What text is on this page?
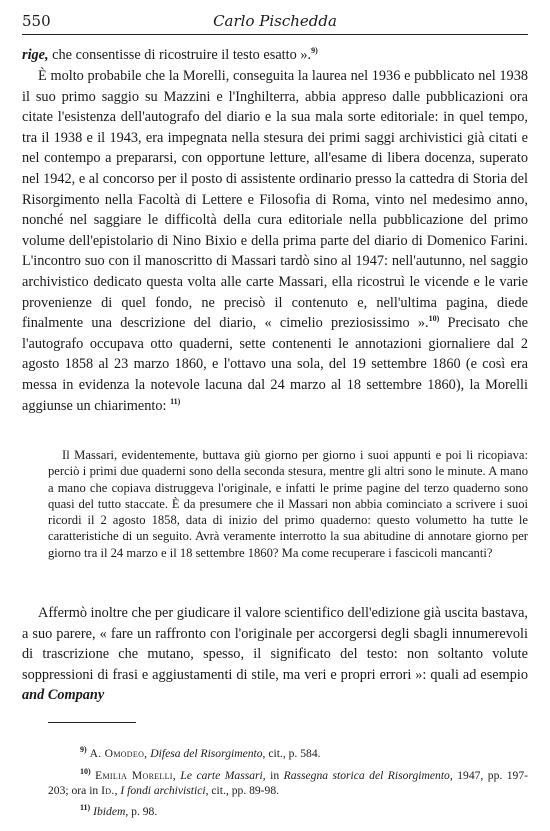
550	Carlo Pischedda

rige, che consentisse di ricostruire il testo esatto ».$^{9)}$

È molto probabile che la Morelli, conseguita la laurea nel 1936 e pubblicato nel 1938 il suo primo saggio su Mazzini e l'Inghilterra, abbia appreso dalle pubblicazioni ora citate l'esistenza dell'autografo del diario e la sua mala sorte editoriale: in quel tempo, tra il 1938 e il 1943, era impegnata nella stesura dei primi saggi archivistici già citati e nel contempo a prepararsi, con opportune letture, all'esame di libera docenza, superato nel 1942, e al concorso per il posto di assistente ordinario presso la cattedra di Storia del Risorgimento nella Facoltà di Lettere e Filosofia di Roma, vinto nel medesimo anno, nonché nel saggiare le difficoltà della cura editoriale nella pubblicazione del primo volume dell'epistolario di Nino Bixio e della prima parte del diario di Domenico Farini. L'incontro suo con il manoscritto di Massari tardò sino al 1947: nell'autunno, nel saggio archivistico dedicato questa volta alle carte Massari, ella ricostruì le vicende e le varie provenienze di quel fondo, ne precisò il contenuto e, nell'ultima pagina, diede finalmente una descrizione del diario, « cimelio preziosissimo ».$^{10)}$ Precisato che l'autografo occupava otto quaderni, sette contenenti le annotazioni giornaliere dal 2 agosto 1858 al 23 marzo 1860, e l'ottavo una sola, del 19 settembre 1860 (e così era messa in evidenza la notevole lacuna dal 24 marzo al 18 settembre 1860), la Morelli aggiunse un chiarimento: $^{11)}$

Il Massari, evidentemente, buttava giù giorno per giorno i suoi appunti e poi li ricopiava: perciò i primi due quaderni sono della seconda stesura, mentre gli altri sono le minute. A mano a mano che copiava distruggeva l'originale, e infatti le prime pagine del terzo quaderno sono quasi del tutto staccate. È da presumere che il Massari non abbia cominciato a scrivere i suoi ricordi il 2 agosto 1858, data di inizio del primo quaderno: questo volumetto ha tutte le caratteristiche di un seguito. Avrà veramente interrotto la sua abitudine di annotare giorno per giorno tra il 24 marzo e il 18 settembre 1860? Ma come recuperare i fascicoli mancanti?

Affermò inoltre che per giudicare il valore scientifico dell'edizione già uscita bastava, a suo parere, « fare un raffronto con l'originale per accorgersi degli sbagli innumerevoli di trascrizione che mutano, spesso, il significato del testo: non soltanto volute soppressioni di frasi e aggiustamenti di stile, ma veri e propri errori »: quali ad esempio and Company

$^{9)}$ A. Omodeo, Difesa del Risorgimento, cit., p. 584.

$^{10)}$ Emilia Morelli, Le carte Massari, in Rassegna storica del Risorgimento, 1947, pp. 197-203; ora in Id., I fondi archivistici, cit., pp. 89-98.

$^{11)}$ Ibidem, p. 98.
